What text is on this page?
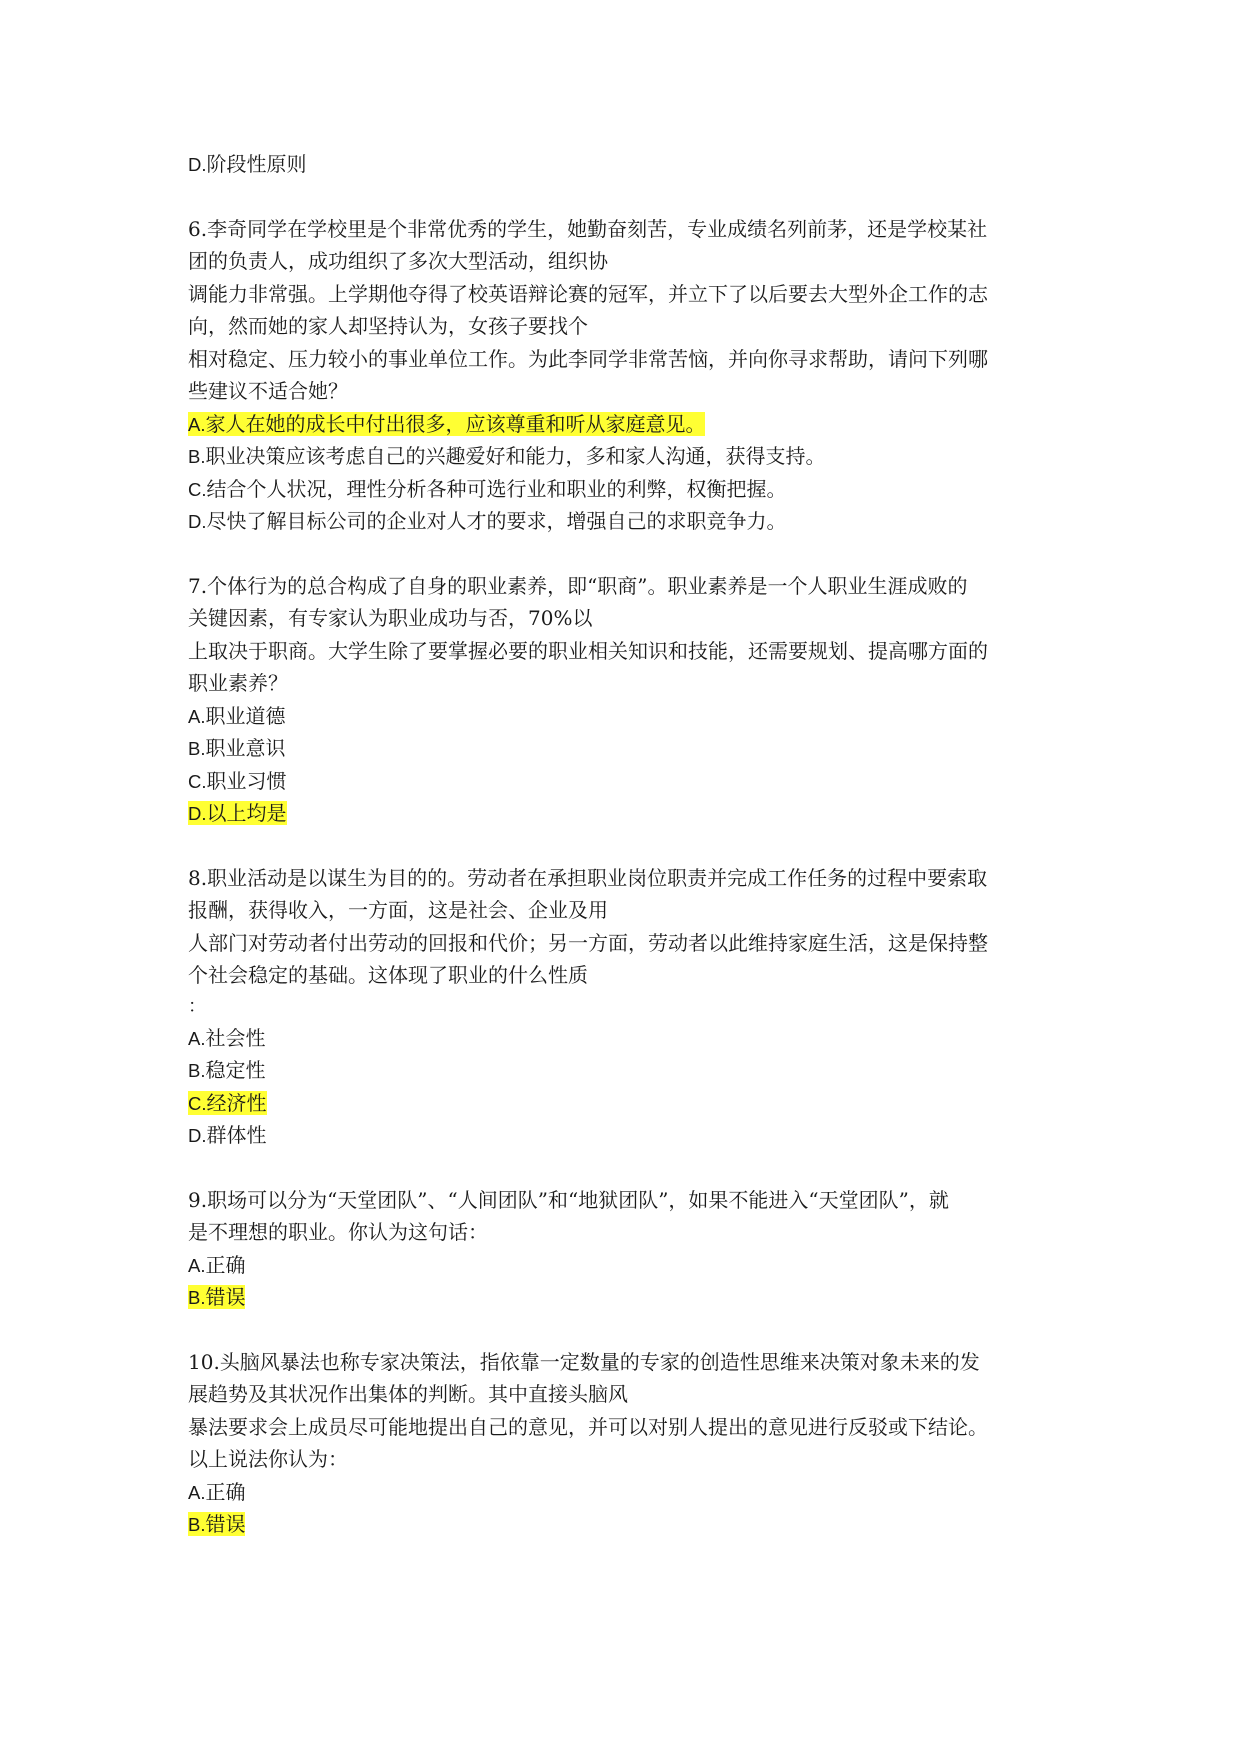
D.阶段性原则
6.李奇同学在学校里是个非常优秀的学生，她勤奋刻苦，专业成绩名列前茅，还是学校某社
团的负责人，成功组织了多次大型活动，组织协
调能力非常强。上学期他夺得了校英语辩论赛的冠军，并立下了以后要去大型外企工作的志
向，然而她的家人却坚持认为，女孩子要找个
相对稳定、压力较小的事业单位工作。为此李同学非常苦恼，并向你寻求帮助，请问下列哪
些建议不适合她？
A.家人在她的成长中付出很多，应该尊重和听从家庭意见。
B.职业决策应该考虑自己的兴趣爱好和能力，多和家人沟通，获得支持。
C.结合个人状况，理性分析各种可选行业和职业的利弊，权衡把握。
D.尽快了解目标公司的企业对人才的要求，增强自己的求职竞争力。
7.个体行为的总合构成了自身的职业素养，即“职商”。职业素养是一个人职业生涯成败的
关键因素，有专家认为职业成功与否，70%以
上取决于职商。大学生除了要掌握必要的职业相关知识和技能，还需要规划、提高哪方面的
职业素养？
A.职业道德
B.职业意识
C.职业习惯
D.以上均是
8.职业活动是以谋生为目的的。劳动者在承担职业岗位职责并完成工作任务的过程中要索取
报酬，获得收入，一方面，这是社会、企业及用
人部门对劳动者付出劳动的回报和代价；另一方面，劳动者以此维持家庭生活，这是保持整
个社会稳定的基础。这体现了职业的什么性质
：
A.社会性
B.稳定性
C.经济性
D.群体性
9.职场可以分为“天堂团队”、“人间团队”和“地狱团队”，如果不能进入“天堂团队”，就
是不理想的职业。你认为这句话：
A.正确
B.错误
10.头脑风暴法也称专家决策法，指依靠一定数量的专家的创造性思维来决策对象未来的发
展趋势及其状况作出集体的判断。其中直接头脑风
暴法要求会上成员尽可能地提出自己的意见，并可以对别人提出的意见进行反驳或下结论。
以上说法你认为：
A.正确
B.错误
